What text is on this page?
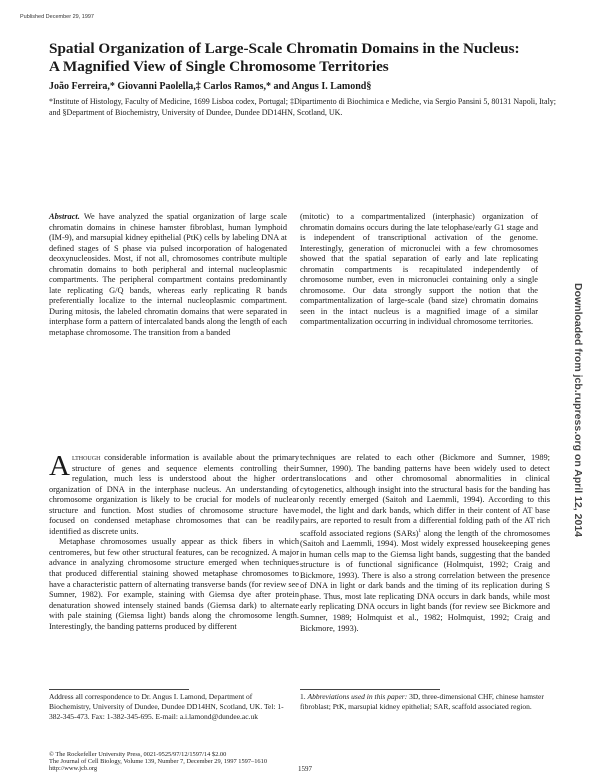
Published December 29, 1997
Spatial Organization of Large-Scale Chromatin Domains in the Nucleus:
A Magnified View of Single Chromosome Territories
João Ferreira,* Giovanni Paolella,‡ Carlos Ramos,* and Angus I. Lamond§
*Institute of Histology, Faculty of Medicine, 1699 Lisboa codex, Portugal; ‡Dipartimento di Biochimica e Mediche, via Sergio Pansini 5, 80131 Napoli, Italy; and §Department of Biochemistry, University of Dundee, Dundee DD14HN, Scotland, UK.
Abstract. We have analyzed the spatial organization of large scale chromatin domains in chinese hamster fibroblast, human lymphoid (IM-9), and marsupial kidney epithelial (PtK) cells by labeling DNA at defined stages of S phase via pulsed incorporation of halogenated deoxynucleosides. Most, if not all, chromosomes contribute multiple chromatin domains to both peripheral and internal nucleoplasmic compartments. The peripheral compartment contains predominantly late replicating G/Q bands, whereas early replicating R bands preferentially localize to the internal nucleoplasmic compartment. During mitosis, the labeled chromatin domains that were separated in interphase form a pattern of intercalated bands along the length of each metaphase chromosome. The transition from a banded
(mitotic) to a compartmentalized (interphasic) organization of chromatin domains occurs during the late telophase/early G1 stage and is independent of transcriptional activation of the genome. Interestingly, generation of micronuclei with a few chromosomes showed that the spatial separation of early and late replicating chromatin compartments is recapitulated independently of chromosome number, even in micronuclei containing only a single chromosome. Our data strongly support the notion that the compartmentalization of large-scale (band size) chromatin domains seen in the intact nucleus is a magnified image of a similar compartmentalization occurring in individual chromosome territories.
Although considerable information is available about the primary structure of genes and sequence elements controlling their regulation, much less is understood about the higher order organization of DNA in the interphase nucleus. An understanding of chromosome organization is likely to be crucial for models of nuclear structure and function. Most studies of chromosome structure have focused on condensed metaphase chromosomes that can be readily identified as discrete units.
Metaphase chromosomes usually appear as thick fibers in which centromeres, but few other structural features, can be recognized. A major advance in analyzing chromosome structure emerged when techniques that produced differential staining showed metaphase chromosomes to have a characteristic pattern of alternating transverse bands (for review see Sumner, 1982). For example, staining with Giemsa dye after protein denaturation showed intensely stained bands (Giemsa dark) to alternate with pale staining (Giemsa light) bands along the chromosome length. Interestingly, the banding patterns produced by different
techniques are related to each other (Bickmore and Sumner, 1989; Sumner, 1990). The banding patterns have been widely used to detect translocations and other chromosomal abnormalities in clinical cytogenetics, although insight into the structural basis for the banding has only recently emerged (Saitoh and Laemmli, 1994). According to this model, the light and dark bands, which differ in their content of AT base pairs, are reported to result from a differential folding path of the AT rich scaffold associated regions (SARs)$^1$ along the length of the chromosomes (Saitoh and Laemmli, 1994). Most widely expressed housekeeping genes in human cells map to the Giemsa light bands, suggesting that the banded structure is of functional significance (Holmquist, 1992; Craig and Bickmore, 1993). There is also a strong correlation between the presence of DNA in light or dark bands and the timing of its replication during S phase. Thus, most late replicating DNA occurs in dark bands, while most early replicating DNA occurs in light bands (for review see Bickmore and Sumner, 1989; Holmquist et al., 1982; Holmquist, 1992; Craig and Bickmore, 1993).
Address all correspondence to Dr. Angus I. Lamond, Department of Biochemistry, University of Dundee, Dundee DD14HN, Scotland, UK. Tel: 1-382-345-473. Fax: 1-382-345-695. E-mail: a.i.lamond@dundee.ac.uk
1. Abbreviations used in this paper: 3D, three-dimensional CHF, chinese hamster fibroblast; PtK, marsupial kidney epithelial; SAR, scaffold associated region.
© The Rockefeller University Press, 0021-9525/97/12/1597/14 $2.00
The Journal of Cell Biology, Volume 139, Number 7, December 29, 1997 1597–1610
http://www.jcb.org	1597
Downloaded from jcb.rupress.org on April 12, 2014
